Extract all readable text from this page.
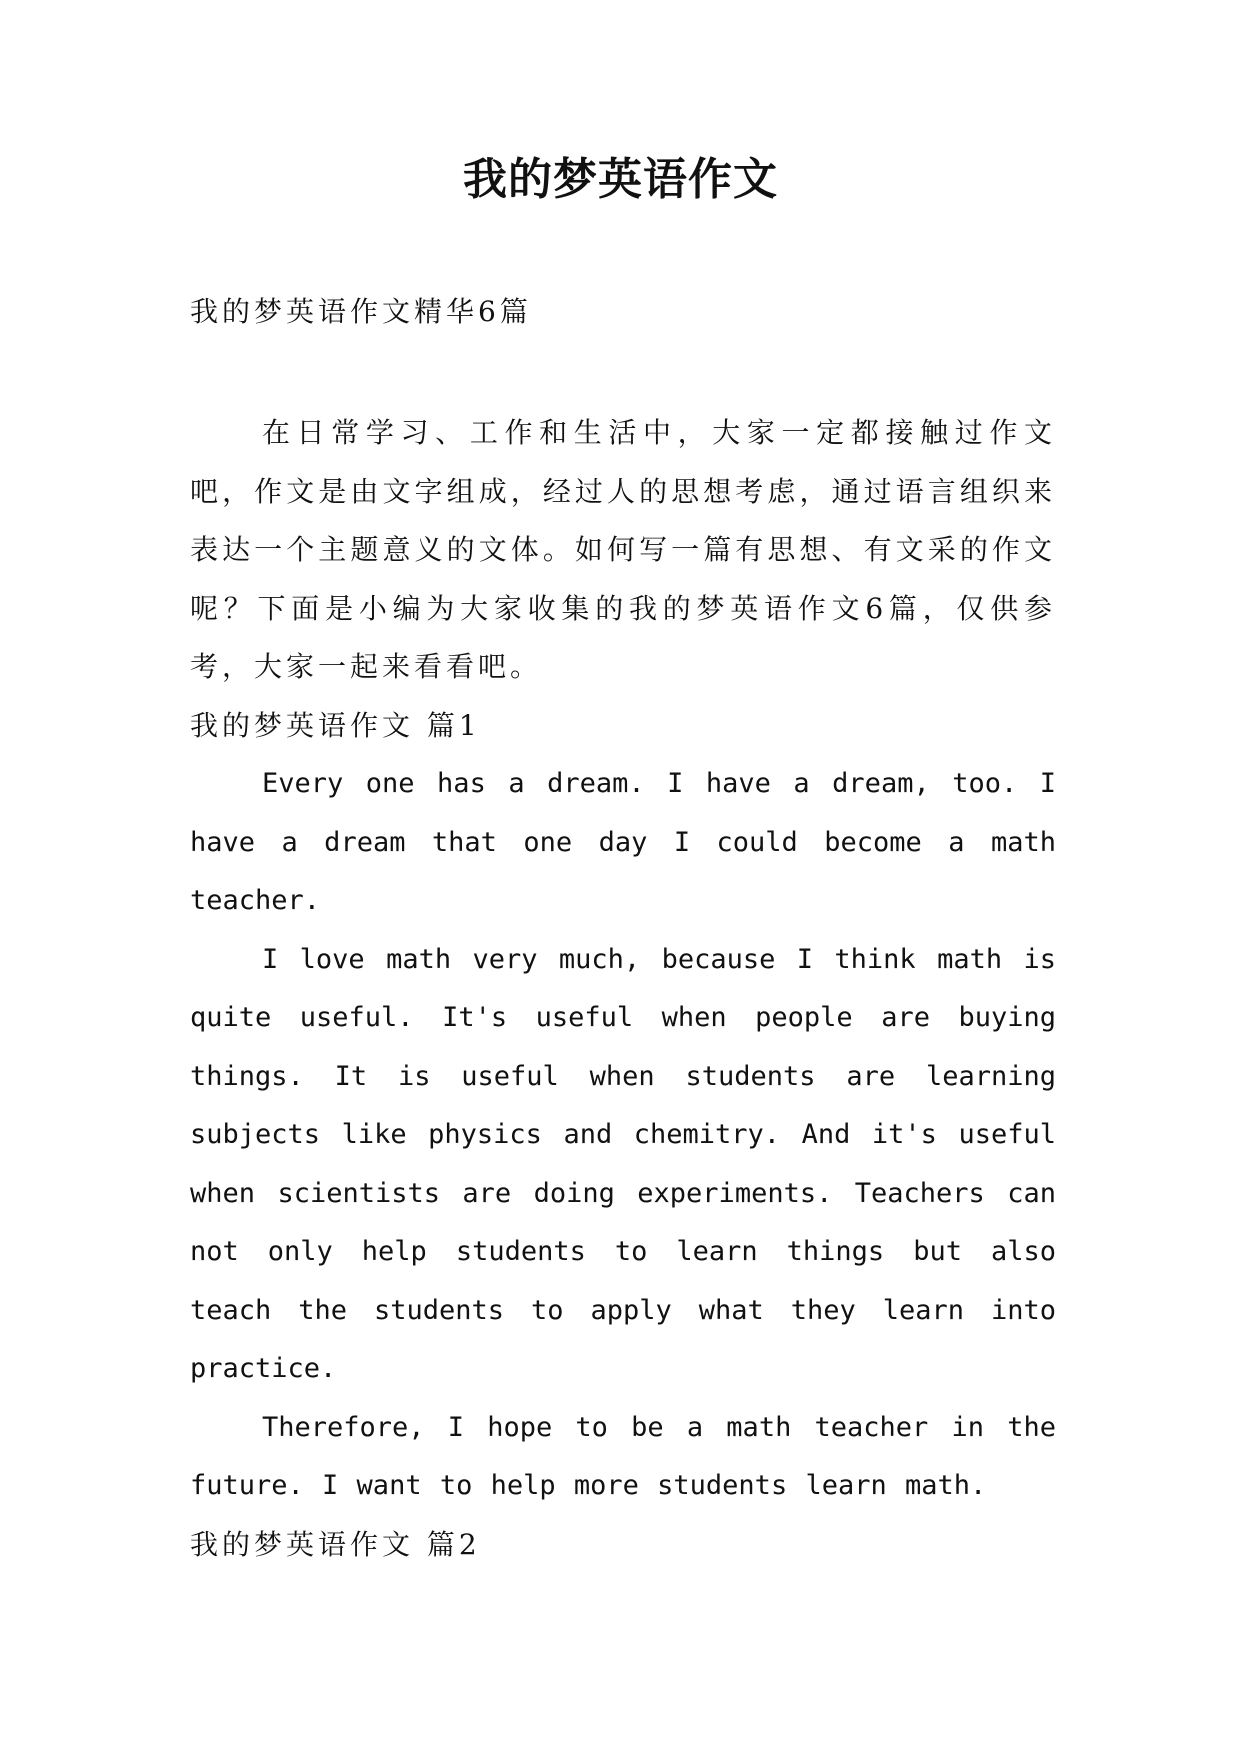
我的梦英语作文

我的梦英语作文精华6篇

在日常学习、工作和生活中，大家一定都接触过作文吧，作文是由文字组成，经过人的思想考虑，通过语言组织来表达一个主题意义的文体。如何写一篇有思想、有文采的作文呢？下面是小编为大家收集的我的梦英语作文6篇，仅供参考，大家一起来看看吧。

我的梦英语作文 篇1

Every one has a dream. I have a dream, too. I have a dream that one day I could become a math teacher.

I love math very much, because I think math is quite useful. It's useful when people are buying things. It is useful when students are learning subjects like physics and chemitry. And it's useful when scientists are doing experiments. Teachers can not only help students to learn things but also teach the students to apply what they learn into practice.

Therefore, I hope to be a math teacher in the future. I want to help more students learn math.

我的梦英语作文 篇2
